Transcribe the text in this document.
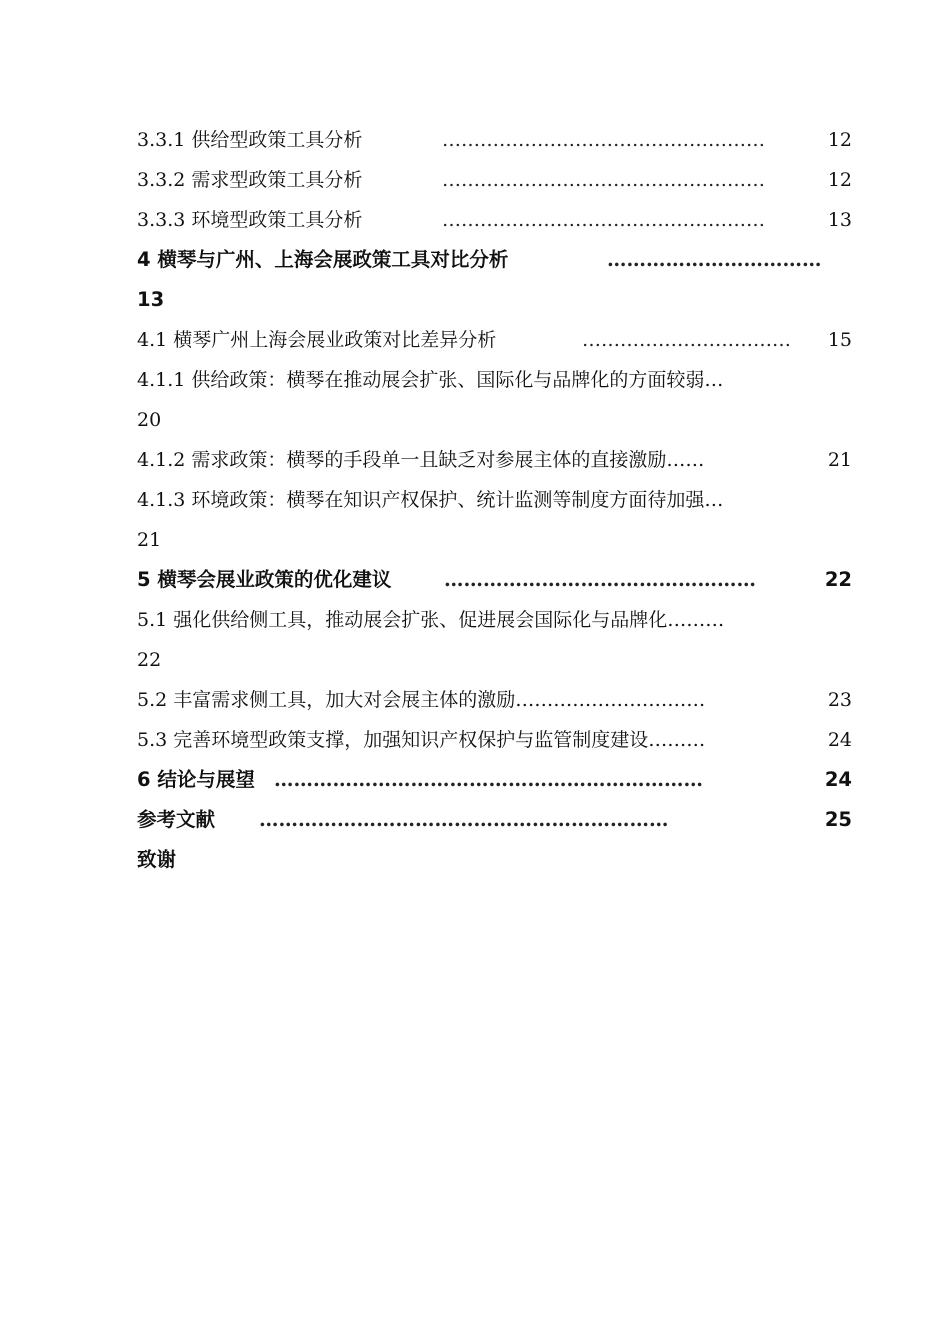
3.3.1 供给型政策工具分析	……………………………………………	12
3.3.2 需求型政策工具分析	……………………………………………	12
3.3.3 环境型政策工具分析	……………………………………………	13
4 横琴与广州、上海会展政策工具对比分析	……………………………
13
4.1 横琴广州上海会展业政策对比差异分析	……………………………	15
4.1.1 供给政策：横琴在推动展会扩张、国际化与品牌化的方面较弱…
20
4.1.2 需求政策：横琴的手段单一且缺乏对参展主体的直接激励……	21
4.1.3 环境政策：横琴在知识产权保护、统计监测等制度方面待加强…
21
5 横琴会展业政策的优化建议	…………………………………………	22
5.1 强化供给侧工具，推动展会扩张、促进展会国际化与品牌化………
22
5.2 丰富需求侧工具，加大对会展主体的激励…………………………	23
5.3 完善环境型政策支撑，加强知识产权保护与监管制度建设………	24
6 结论与展望 …………………………………………………………	24
参考文献 ………………………………………………………	25
致谢
